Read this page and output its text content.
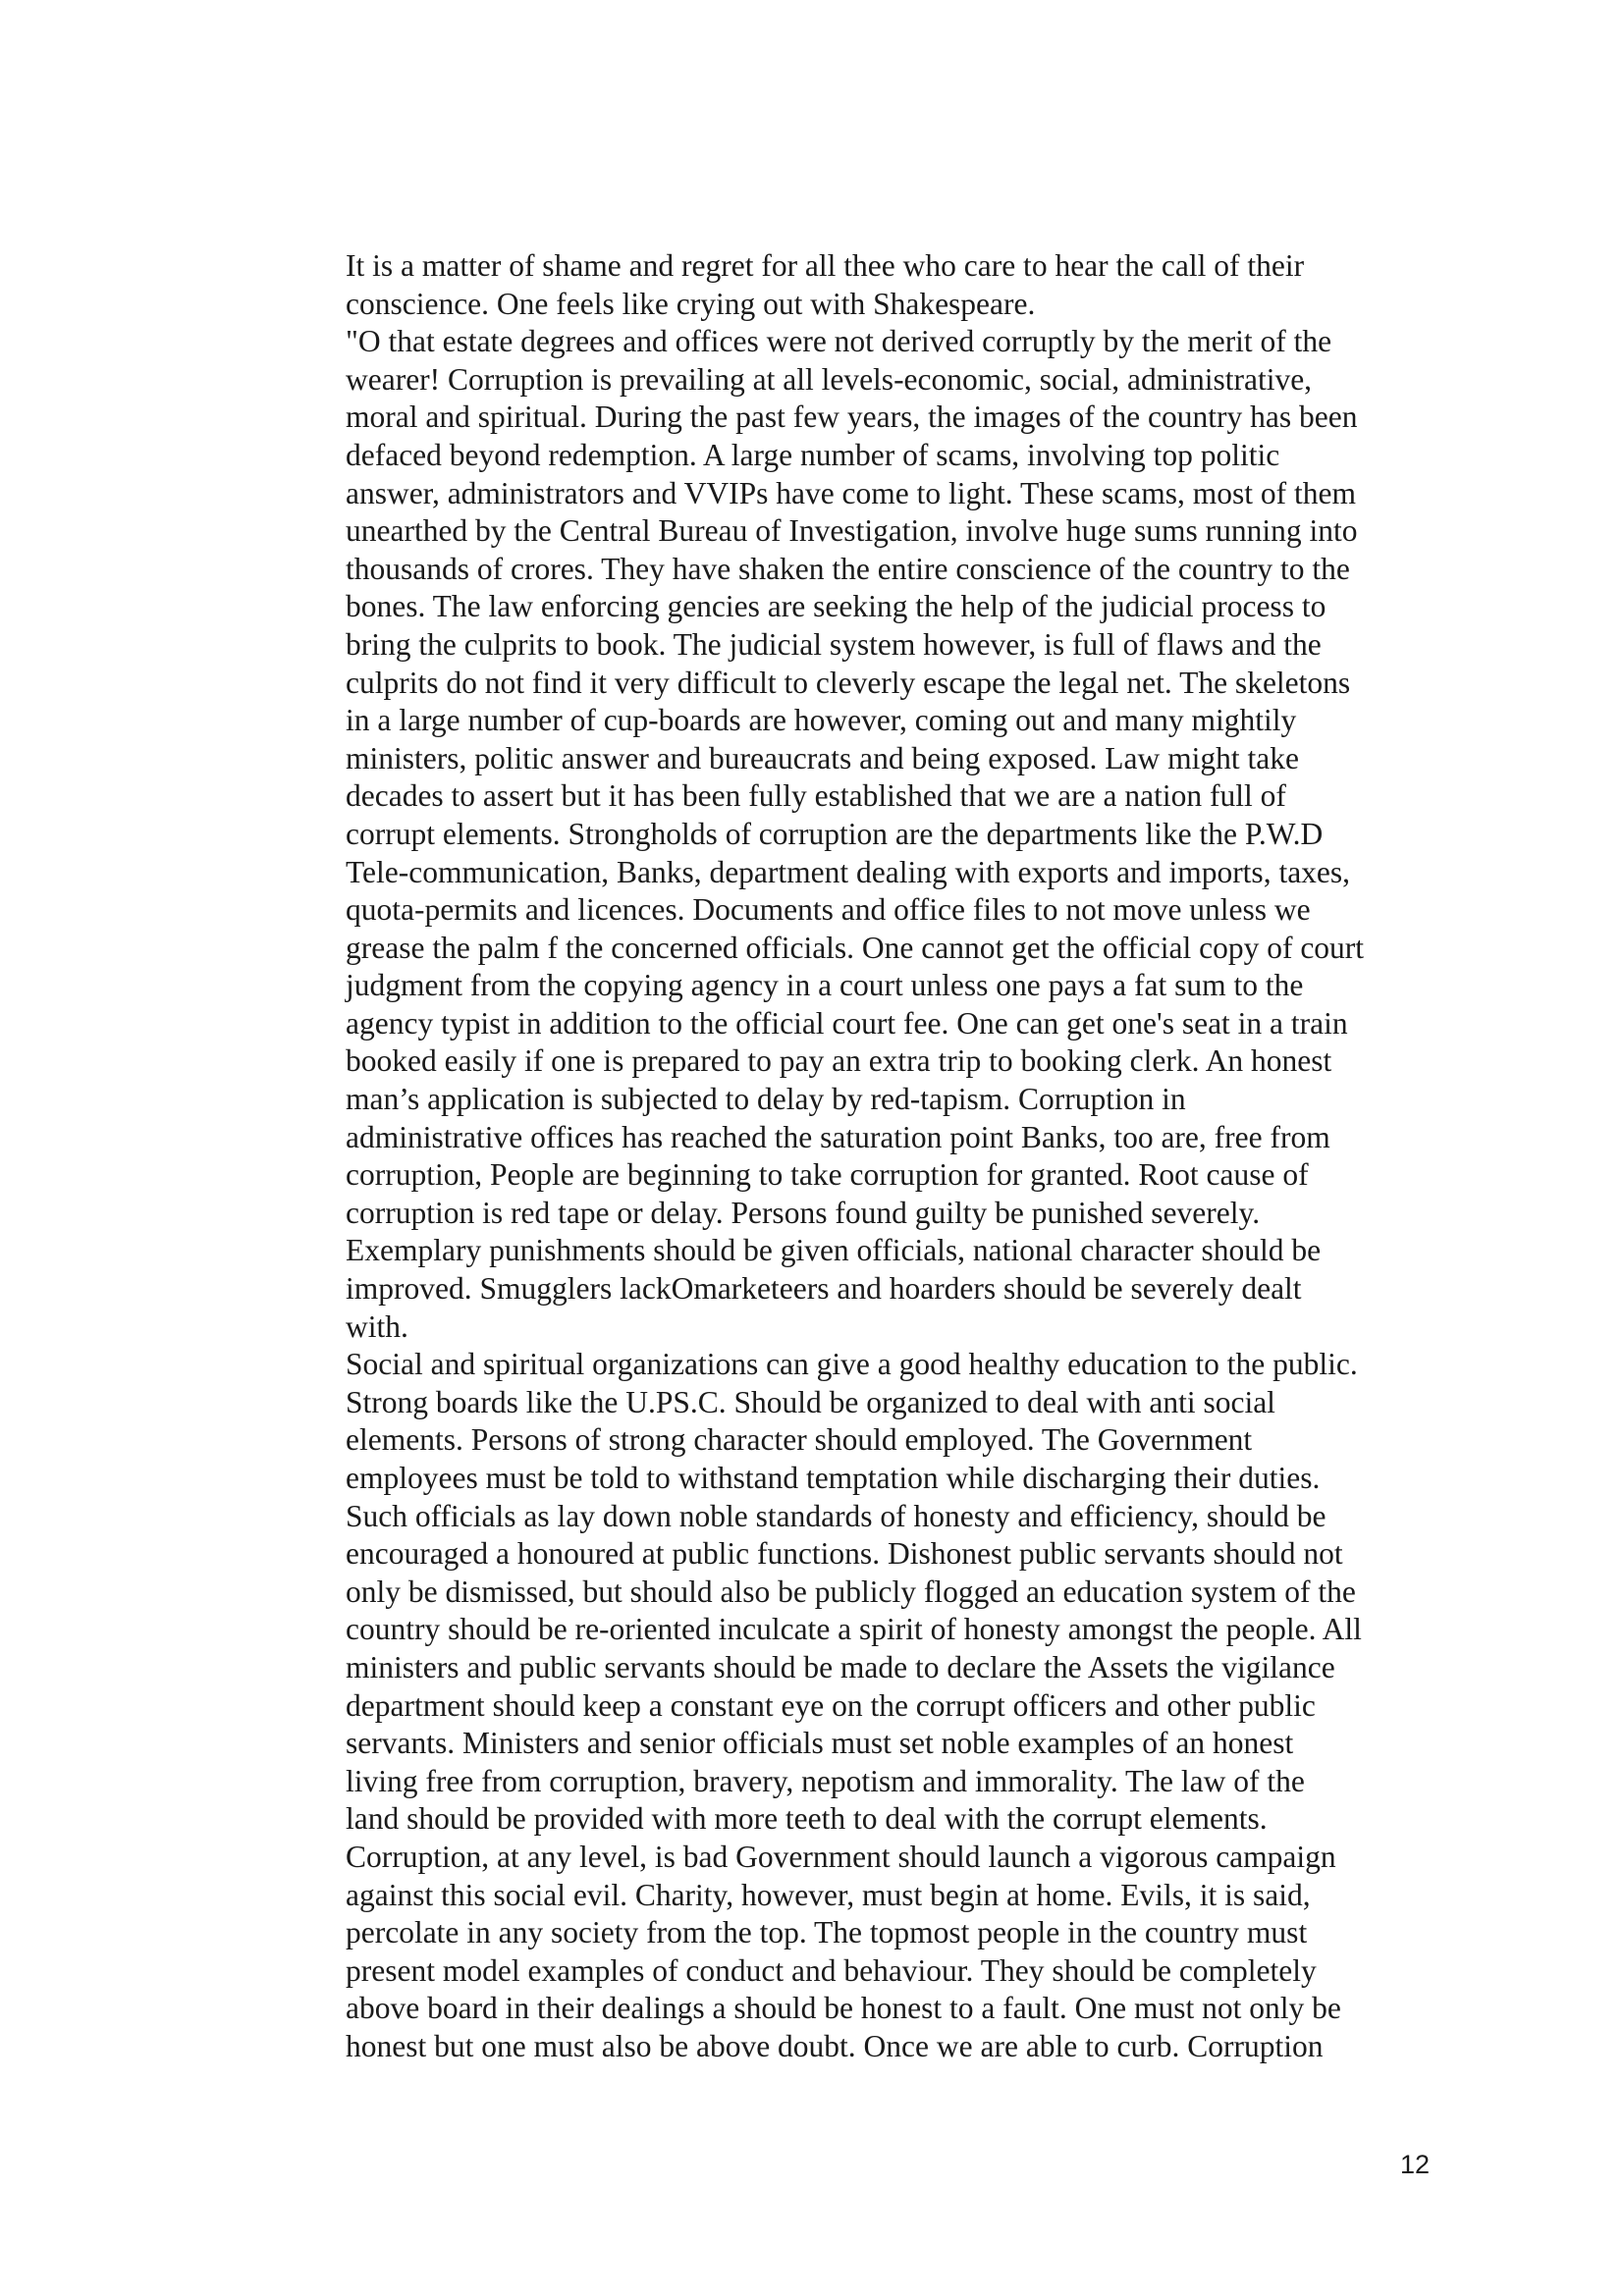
It is a matter of shame and regret for all thee who care to hear the call of their
conscience. One feels like crying out with Shakespeare.
"O that estate degrees and offices were not derived corruptly by the merit of the
wearer! Corruption is prevailing at all levels-economic, social, administrative,
moral and spiritual. During the past few years, the images of the country has been
defaced beyond redemption. A large number of scams, involving top politic
answer, administrators and VVIPs have come to light. These scams, most of them
unearthed by the Central Bureau of Investigation, involve huge sums running into
thousands of crores. They have shaken the entire conscience of the country to the
bones. The law enforcing gencies are seeking the help of the judicial process to
bring the culprits to book. The judicial system however, is full of flaws and the
culprits do not find it very difficult to cleverly escape the legal net. The skeletons
in a large number of cup-boards are however, coming out and many mightily
ministers, politic answer and bureaucrats and being exposed. Law might take
decades to assert but it has been fully established that we are a nation full of
corrupt elements. Strongholds of corruption are the departments like the P.W.D
Tele-communication, Banks, department dealing with exports and imports, taxes,
quota-permits and licences. Documents and office files to not move unless we
grease the palm f the concerned officials. One cannot get the official copy of court
judgment from the copying agency in a court unless one pays a fat sum to the
agency typist in addition to the official court fee. One can get one's seat in a train
booked easily if one is prepared to pay an extra trip to booking clerk. An honest
man’s application is subjected to delay by red-tapism. Corruption in
administrative offices has reached the saturation point Banks, too are, free from
corruption, People are beginning to take corruption for granted. Root cause of
corruption is red tape or delay. Persons found guilty be punished severely.
Exemplary punishments should be given officials, national character should be
improved. Smugglers lackOmarketeers and hoarders should be severely dealt
with.
Social and spiritual organizations can give a good healthy education to the public.
Strong boards like the U.PS.C. Should be organized to deal with anti social
elements. Persons of strong character should employed. The Government
employees must be told to withstand temptation while discharging their duties.
Such officials as lay down noble standards of honesty and efficiency, should be
encouraged a honoured at public functions. Dishonest public servants should not
only be dismissed, but should also be publicly flogged an education system of the
country should be re-oriented inculcate a spirit of honesty amongst the people. All
ministers and public servants should be made to declare the Assets the vigilance
department should keep a constant eye on the corrupt officers and other public
servants. Ministers and senior officials must set noble examples of an honest
living free from corruption, bravery, nepotism and immorality. The law of the
land should be provided with more teeth to deal with the corrupt elements.
Corruption, at any level, is bad Government should launch a vigorous campaign
against this social evil. Charity, however, must begin at home. Evils, it is said,
percolate in any society from the top. The topmost people in the country must
present model examples of conduct and behaviour. They should be completely
above board in their dealings a should be honest to a fault. One must not only be
honest but one must also be above doubt. Once we are able to curb. Corruption
12
